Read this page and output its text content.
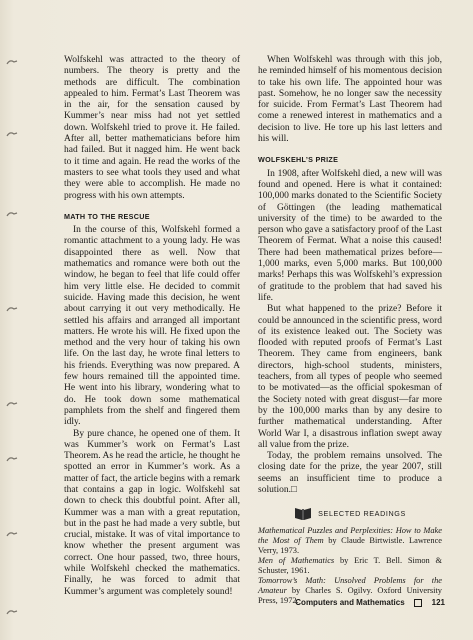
Wolfskehl was attracted to the theory of numbers. The theory is pretty and the methods are difficult. The combination appealed to him. Fermat’s Last Theorem was in the air, for the sensation caused by Kummer’s near miss had not yet settled down. Wolfskehl tried to prove it. He failed. After all, better mathematicians before him had failed. But it nagged him. He went back to it time and again. He read the works of the masters to see what tools they used and what they were able to accomplish. He made no progress with his own attempts.

MATH TO THE RESCUE

In the course of this, Wolfskehl formed a romantic attachment to a young lady. He was disappointed there as well. Now that mathematics and romance were both out the window, he began to feel that life could offer him very little else. He decided to commit suicide. Having made this decision, he went about carrying it out very methodically. He settled his affairs and arranged all important matters. He wrote his will. He fixed upon the method and the very hour of taking his own life. On the last day, he wrote final letters to his friends. Everything was now prepared. A few hours remained till the appointed time. He went into his library, wondering what to do. He took down some mathematical pamphlets from the shelf and fingered them idly.

By pure chance, he opened one of them. It was Kummer’s work on Fermat’s Last Theorem. As he read the article, he thought he spotted an error in Kummer’s work. As a matter of fact, the article begins with a remark that contains a gap in logic. Wolfskehl sat down to check this doubtful point. After all, Kummer was a man with a great reputation, but in the past he had made a very subtle, but crucial, mistake. It was of vital importance to know whether the present argument was correct. One hour passed, two, three hours, while Wolfskehl checked the mathematics. Finally, he was forced to admit that Kummer’s argument was completely sound!

When Wolfskehl was through with this job, he reminded himself of his momentous decision to take his own life. The appointed hour was past. Somehow, he no longer saw the necessity for suicide. From Fermat’s Last Theorem had come a renewed interest in mathematics and a decision to live. He tore up his last letters and his will.

WOLFSKEHL’S PRIZE

In 1908, after Wolfskehl died, a new will was found and opened. Here is what it contained: 100,000 marks donated to the Scientific Society of Göttingen (the leading mathematical university of the time) to be awarded to the person who gave a satisfactory proof of the Last Theorem of Fermat. What a noise this caused! There had been mathematical prizes before—1,000 marks, even 5,000 marks. But 100,000 marks! Perhaps this was Wolfskehl’s expression of gratitude to the problem that had saved his life.

But what happened to the prize? Before it could be announced in the scientific press, word of its existence leaked out. The Society was flooded with reputed proofs of Fermat’s Last Theorem. They came from engineers, bank directors, high-school students, ministers, teachers, from all types of people who seemed to be motivated—as the official spokesman of the Society noted with great disgust—far more by the 100,000 marks than by any desire to further mathematical understanding. After World War I, a disastrous inflation swept away all value from the prize.

Today, the problem remains unsolved. The closing date for the prize, the year 2007, still seems an insufficient time to produce a solution.□

SELECTED READINGS

Mathematical Puzzles and Perplexities: How to Make the Most of Them by Claude Birtwistle. Lawrence Verry, 1973.

Men of Mathematics by Eric T. Bell. Simon & Schuster, 1961.

Tomorrow’s Math: Unsolved Problems for the Amateur by Charles S. Ogilvy. Oxford University Press, 1972.

Computers and Mathematics	121
